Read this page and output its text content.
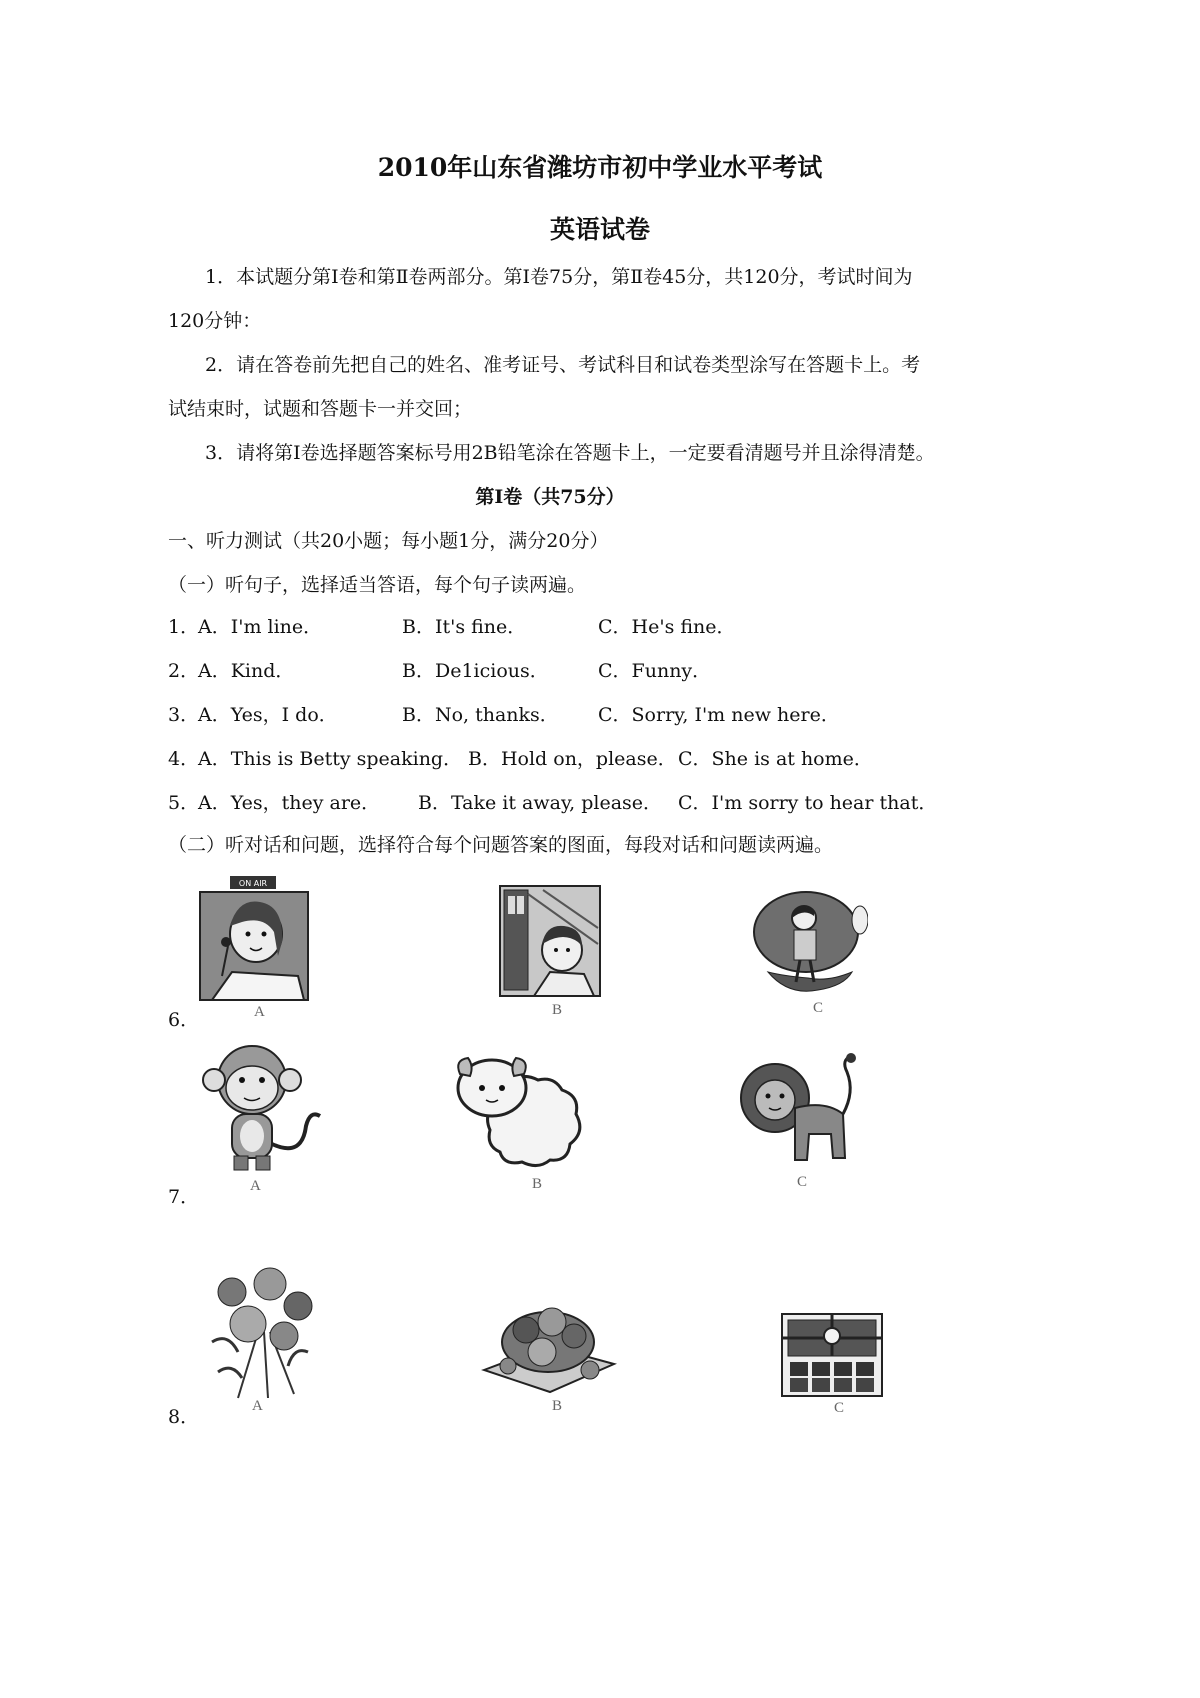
2010年山东省潍坊市初中学业水平考试
英语试卷
1．本试题分第Ⅰ卷和第Ⅱ卷两部分。第Ⅰ卷75分，第Ⅱ卷45分，共120分，考试时间为
120分钟：
2．请在答卷前先把自己的姓名、准考证号、考试科目和试卷类型涂写在答题卡上。考
试结束时，试题和答题卡一并交回；
3．请将第Ⅰ卷选择题答案标号用2B铅笔涂在答题卡上，一定要看清题号并且涂得清楚。
第Ⅰ卷（共75分）
一、听力测试（共20小题；每小题1分，满分20分）
（一）听句子，选择适当答语，每个句子读两遍。
1．
A．I'm line．	B．It's fine．	C．He's fine．
2．
A．Kind．	B．De1icious．	C．Funny．
3．
A．Yes，I do．	B．No, thanks． C．Sorry, I'm new here．
4．
A．This is Betty speaking． B．Hold on，please． C．She is at home．
5．
A．Yes，they are． B．Take it away, please． C．I'm sorry to hear that．
（二）听对话和问题，选择符合每个问题答案的图面，每段对话和问题读两遍。
6．
ON AIR
A	B	C
7．	A	B	C
8．	A	B	C
